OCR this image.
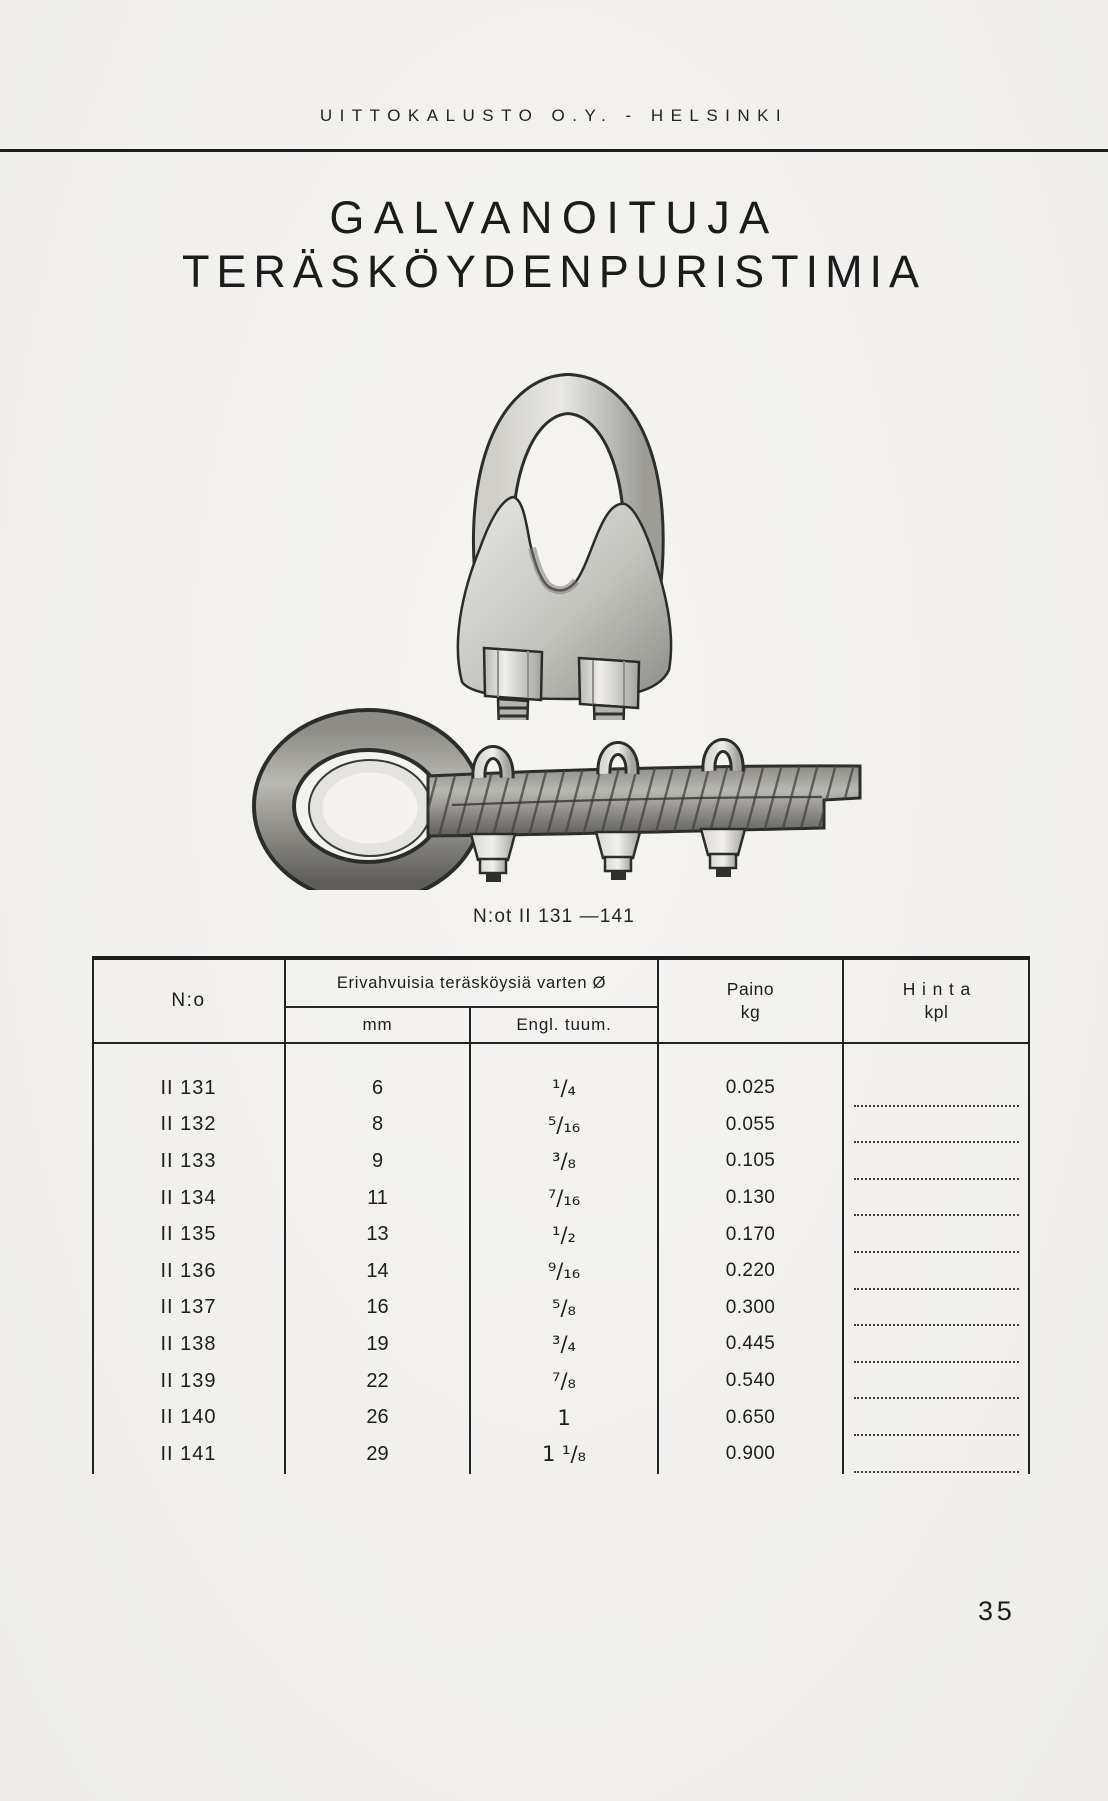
UITTOKALUSTO O.Y. - HELSINKI
GALVANOITUJA
TERÄSKÖYDENPURISTIMIA
N:ot II 131 —141
N:o
Erivahvuisia teräsköysiä varten Ø
mm	Engl. tuum.
Paino
kg
Hinta
kpl
II 131	6	¹/₄	0.025
II 132	8	⁵/₁₆	0.055
II 133	9	³/₈	0.105
II 134	11	⁷/₁₆	0.130
II 135	13	¹/₂	0.170
II 136	14	⁹/₁₆	0.220
II 137	16	⁵/₈	0.300
II 138	19	³/₄	0.445
II 139	22	⁷/₈	0.540
II 140	26	1	0.650
II 141	29	1 ¹/₈	0.900
35
